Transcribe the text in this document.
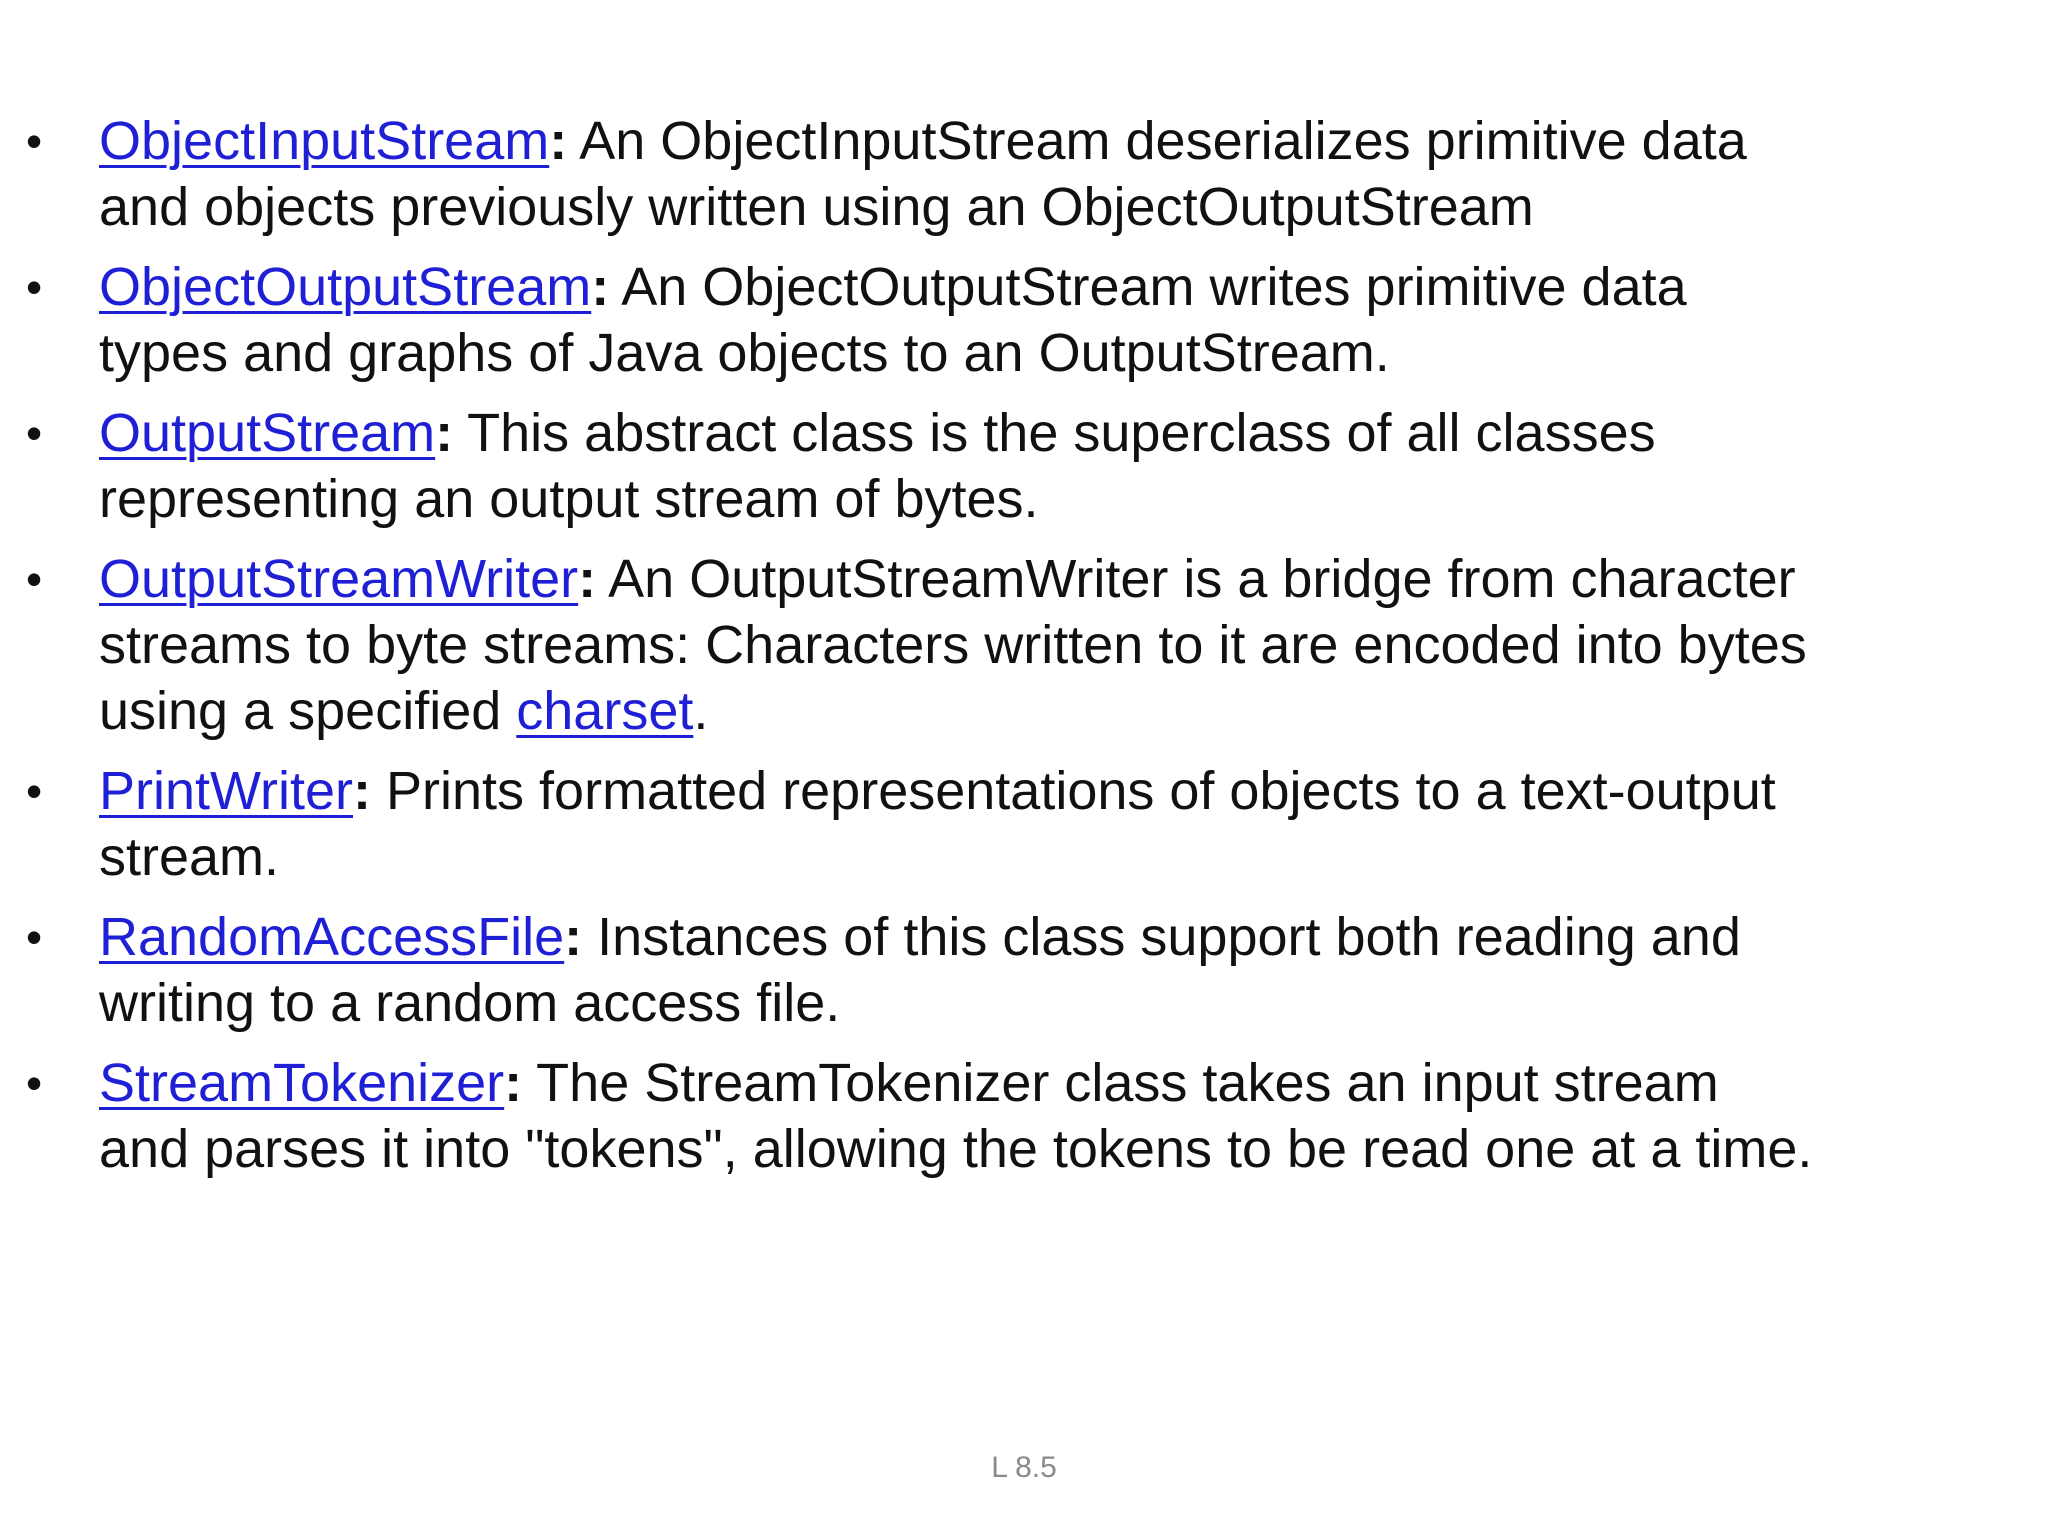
•	ObjectInputStream: An ObjectInputStream deserializes primitive data and objects previously written using an ObjectOutputStream
•	ObjectOutputStream: An ObjectOutputStream writes primitive data types and graphs of Java objects to an OutputStream.
•	OutputStream: This abstract class is the superclass of all classes representing an output stream of bytes.
•	OutputStreamWriter: An OutputStreamWriter is a bridge from character streams to byte streams: Characters written to it are encoded into bytes using a specified charset.
•	PrintWriter: Prints formatted representations of objects to a text-output stream.
•	RandomAccessFile: Instances of this class support both reading and writing to a random access file.
•	StreamTokenizer: The StreamTokenizer class takes an input stream and parses it into "tokens", allowing the tokens to be read one at a time.
L 8.5
